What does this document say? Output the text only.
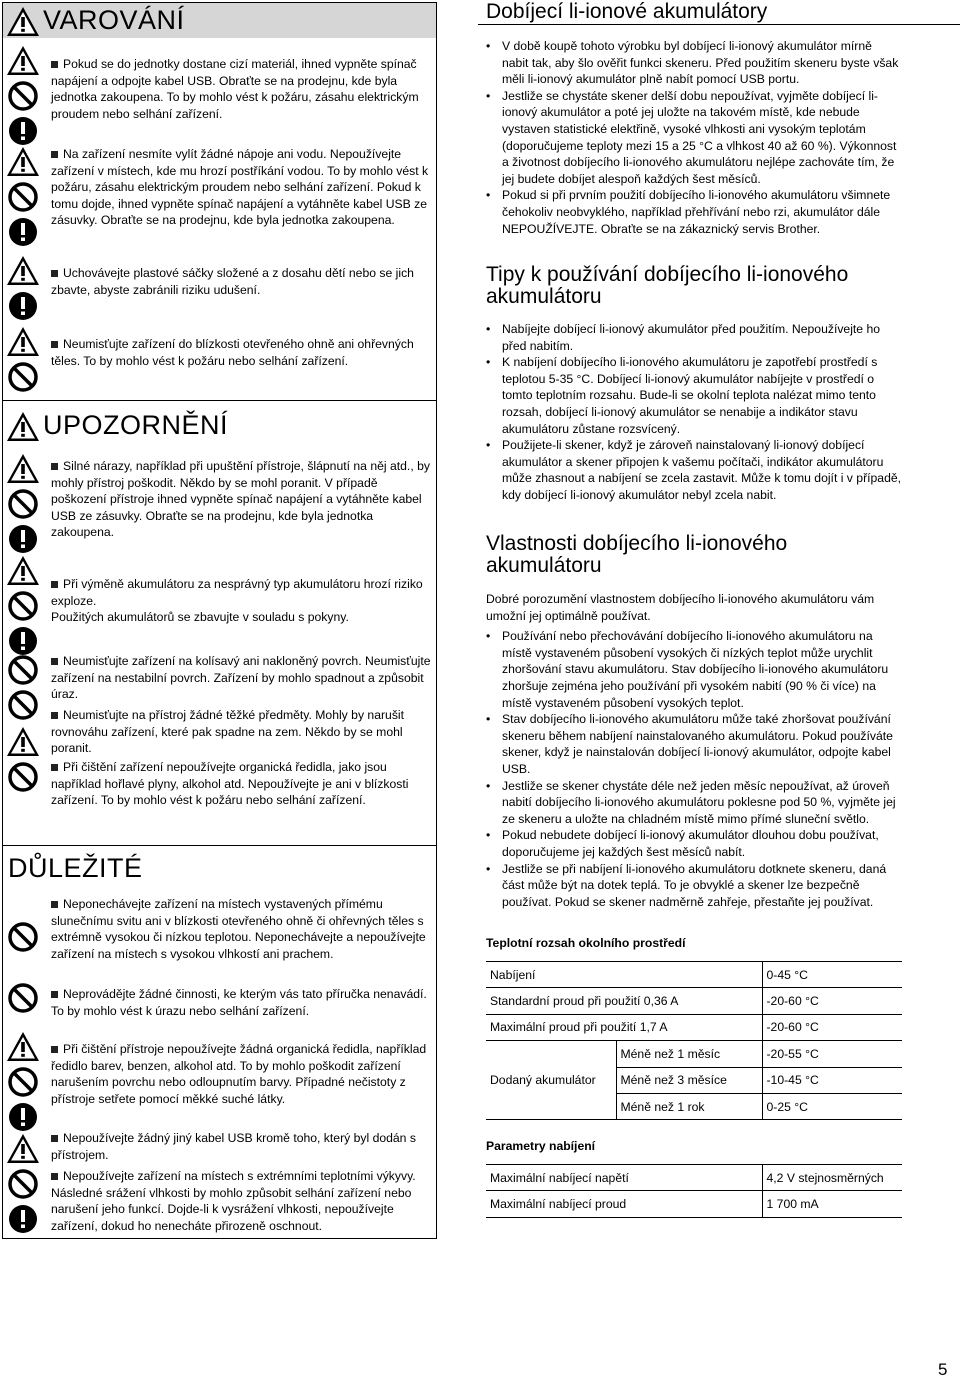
VAROVÁNÍ
Pokud se do jednotky dostane cizí materiál, ihned vypněte spínač napájení a odpojte kabel USB. Obraťte se na prodejnu, kde byla jednotka zakoupena. To by mohlo vést k požáru, zásahu elektrickým proudem nebo selhání zařízení.
Na zařízení nesmíte vylít žádné nápoje ani vodu. Nepoužívejte zařízení v místech, kde mu hrozí postříkání vodou. To by mohlo vést k požáru, zásahu elektrickým proudem nebo selhání zařízení. Pokud k tomu dojde, ihned vypněte spínač napájení a vytáhněte kabel USB ze zásuvky. Obraťte se na prodejnu, kde byla jednotka zakoupena.
Uchovávejte plastové sáčky složené a z dosahu dětí nebo se jich zbavte, abyste zabránili riziku udušení.
Neumisťujte zařízení do blízkosti otevřeného ohně ani ohřevných těles. To by mohlo vést k požáru nebo selhání zařízení.
UPOZORNĚNÍ
Silné nárazy, například při upuštění přístroje, šlápnutí na něj atd., by mohly přístroj poškodit. Někdo by se mohl poranit. V případě poškození přístroje ihned vypněte spínač napájení a vytáhněte kabel USB ze zásuvky. Obraťte se na prodejnu, kde byla jednotka zakoupena.
Při výměně akumulátoru za nesprávný typ akumulátoru hrozí riziko exploze.
Použitých akumulátorů se zbavujte v souladu s pokyny.
Neumisťujte zařízení na kolísavý ani nakloněný povrch. Neumisťujte zařízení na nestabilní povrch. Zařízení by mohlo spadnout a způsobit úraz.
Neumisťujte na přístroj žádné těžké předměty. Mohly by narušit rovnováhu zařízení, které pak spadne na zem. Někdo by se mohl poranit.
Při čištění zařízení nepoužívejte organická ředidla, jako jsou například hořlavé plyny, alkohol atd. Nepoužívejte je ani v blízkosti zařízení. To by mohlo vést k požáru nebo selhání zařízení.
DŮLEŽITÉ
Neponechávejte zařízení na místech vystavených přímému slunečnímu svitu ani v blízkosti otevřeného ohně či ohřevných těles s extrémně vysokou či nízkou teplotou. Neponechávejte a nepoužívejte zařízení na místech s vysokou vlhkostí ani prachem.
Neprovádějte žádné činnosti, ke kterým vás tato příručka nenavádí. To by mohlo vést k úrazu nebo selhání zařízení.
Při čištění přístroje nepoužívejte žádná organická ředidla, například ředidlo barev, benzen, alkohol atd. To by mohlo poškodit zařízení narušením povrchu nebo odloupnutím barvy. Případné nečistoty z přístroje setřete pomocí měkké suché látky.
Nepoužívejte žádný jiný kabel USB kromě toho, který byl dodán s přístrojem.
Nepoužívejte zařízení na místech s extrémními teplotními výkyvy. Následné srážení vlhkosti by mohlo způsobit selhání zařízení nebo narušení jeho funkcí. Dojde-li k vysrážení vlhkosti, nepoužívejte zařízení, dokud ho nenecháte přirozeně oschnout.
Dobíjecí li-ionové akumulátory
• V době koupě tohoto výrobku byl dobíjecí li-ionový akumulátor mírně nabit tak, aby šlo ověřit funkci skeneru. Před použitím skeneru byste však měli li-ionový akumulátor plně nabít pomocí USB portu.
• Jestliže se chystáte skener delší dobu nepoužívat, vyjměte dobíjecí li-ionový akumulátor a poté jej uložte na takovém místě, kde nebude vystaven statistické elektřině, vysoké vlhkosti ani vysokým teplotám (doporučujeme teploty mezi 15 a 25 °C a vlhkost 40 až 60 %). Výkonnost a životnost dobíjecího li-ionového akumulátoru nejlépe zachováte tím, že jej budete dobíjet alespoň každých šest měsíců.
• Pokud si při prvním použití dobíjecího li-ionového akumulátoru všimnete čehokoliv neobvyklého, například přehřívání nebo rzi, akumulátor dále NEPOUŽÍVEJTE. Obraťte se na zákaznický servis Brother.
Tipy k používání dobíjecího li-ionového
akumulátoru
• Nabíjejte dobíjecí li-ionový akumulátor před použitím. Nepoužívejte ho před nabitím.
• K nabíjení dobíjecího li-ionového akumulátoru je zapotřebí prostředí s teplotou 5-35 °C. Dobíjecí li-ionový akumulátor nabíjejte v prostředí o tomto teplotním rozsahu. Bude-li se okolní teplota nalézat mimo tento rozsah, dobíjecí li-ionový akumulátor se nenabije a indikátor stavu akumulátoru zůstane rozsvícený.
• Použijete-li skener, když je zároveň nainstalovaný li-ionový dobíjecí akumulátor a skener připojen k vašemu počítači, indikátor akumulátoru může zhasnout a nabíjení se zcela zastavit. Může k tomu dojít i v případě, kdy dobíjecí li-ionový akumulátor nebyl zcela nabit.
Vlastnosti dobíjecího li-ionového
akumulátoru

Dobré porozumění vlastnostem dobíjecího li-ionového akumulátoru vám umožní jej optimálně používat.

• Používání nebo přechovávání dobíjecího li-ionového akumulátoru na místě vystaveném působení vysokých či nízkých teplot může urychlit zhoršování stavu akumulátoru. Stav dobíjecího li-ionového akumulátoru zhoršuje zejména jeho používání při vysokém nabití (90 % či více) na místě vystaveném působení vysokých teplot.
• Stav dobíjecího li-ionového akumulátoru může také zhoršovat používání skeneru během nabíjení nainstalovaného akumulátoru. Pokud používáte skener, když je nainstalován dobíjecí li-ionový akumulátor, odpojte kabel USB.
• Jestliže se skener chystáte déle než jeden měsíc nepoužívat, až úroveň nabití dobíjecího li-ionového akumulátoru poklesne pod 50 %, vyjměte jej ze skeneru a uložte na chladném místě mimo přímé sluneční světlo.
• Pokud nebudete dobíjecí li-ionový akumulátor dlouhou dobu používat, doporučujeme jej každých šest měsíců nabít.
• Jestliže se při nabíjení li-ionového akumulátoru dotknete skeneru, daná část může být na dotek teplá. To je obvyklé a skener lze bezpečně používat. Pokud se skener nadměrně zahřeje, přestaňte jej používat.
Teplotní rozsah okolního prostředí
Nabíjení		0-45 °C
Standardní proud při použití 0,36 A		-20-60 °C
Maximální proud při použití 1,7 A		-20-60 °C
Dodaný akumulátor	Méně než 1 měsíc	-20-55 °C
	Méně než 3 měsíce	-10-45 °C
	Méně než 1 rok	0-25 °C
Parametry nabíjení
Maximální nabíjecí napětí	4,2 V stejnosměrných
Maximální nabíjecí proud	1 700 mA
5
